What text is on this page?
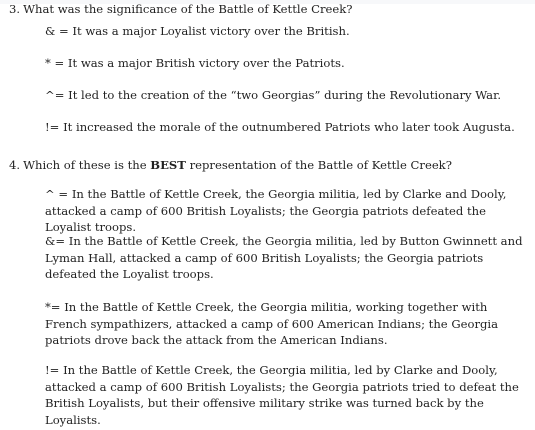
3. What was the significance of the Battle of Kettle Creek?
& = It was a major Loyalist victory over the British.
* = It was a major British victory over the Patriots.
^= It led to the creation of the “two Georgias” during the Revolutionary War.
!= It increased the morale of the outnumbered Patriots who later took Augusta.
4. Which of these is the BEST representation of the Battle of Kettle Creek?
^ = In the Battle of Kettle Creek, the Georgia militia, led by Clarke and Dooly, attacked a camp of 600 British Loyalists; the Georgia patriots defeated the Loyalist troops.
&= In the Battle of Kettle Creek, the Georgia militia, led by Button Gwinnett and Lyman Hall, attacked a camp of 600 British Loyalists; the Georgia patriots defeated the Loyalist troops.
*= In the Battle of Kettle Creek, the Georgia militia, working together with French sympathizers, attacked a camp of 600 American Indians; the Georgia patriots drove back the attack from the American Indians.
!= In the Battle of Kettle Creek, the Georgia militia, led by Clarke and Dooly, attacked a camp of 600 British Loyalists; the Georgia patriots tried to defeat the British Loyalists, but their offensive military strike was turned back by the Loyalists.
